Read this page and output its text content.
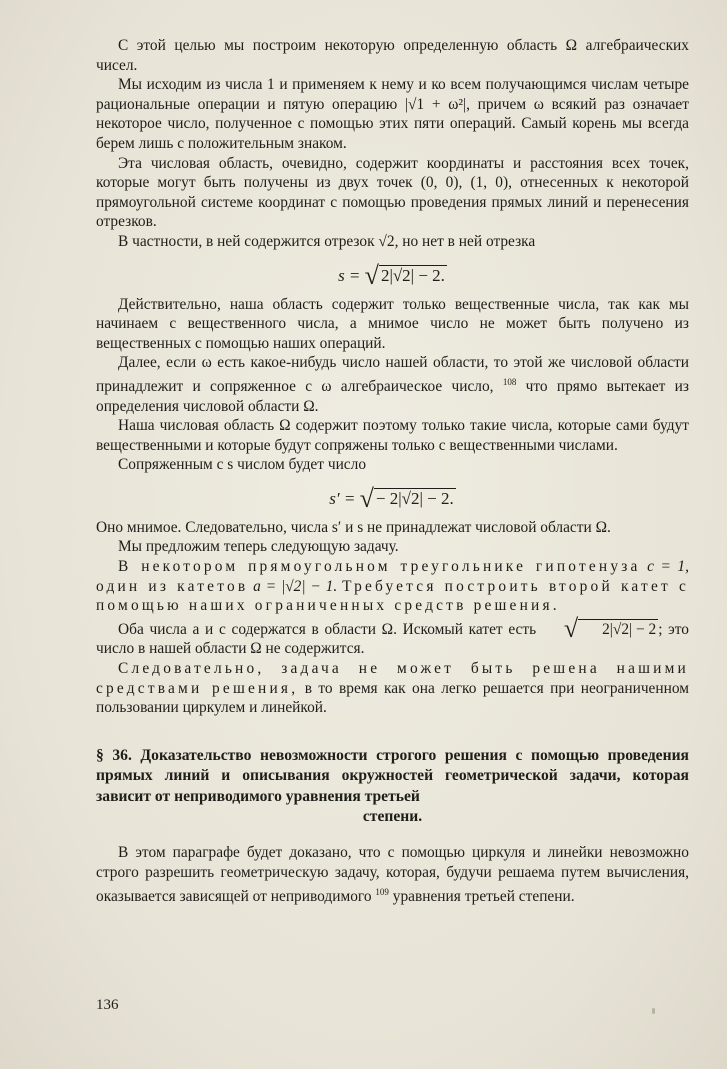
С этой целью мы построим некоторую определенную область Ω алгебраических чисел.

Мы исходим из числа 1 и применяем к нему и ко всем получающимся числам четыре рациональные операции и пятую операцию |√1 + ω²|, причем ω всякий раз означает некоторое число, полученное с помощью этих пяти операций. Самый корень мы всегда берем лишь с положительным знаком.

Эта числовая область, очевидно, содержит координаты и расстояния всех точек, которые могут быть получены из двух точек (0, 0), (1, 0), отнесенных к некоторой прямоугольной системе координат с помощью проведения прямых линий и перенесения отрезков.

В частности, в ней содержится отрезок √2, но нет в ней отрезка

s = √ 2|√2| − 2.

Действительно, наша область содержит только вещественные числа, так как мы начинаем с вещественного числа, а мнимое число не может быть получено из вещественных с помощью наших операций.

Далее, если ω есть какое-нибудь число нашей области, то этой же числовой области принадлежит и сопряженное с ω алгебраическое число, $^{108}$ что прямо вытекает из определения числовой области Ω.

Наша числовая область Ω содержит поэтому только такие числа, которые сами будут вещественными и которые будут сопряжены только с вещественными числами.

Сопряженным с s числом будет число

s′ = √ − 2|√2| − 2.

Оно мнимое. Следовательно, числа s′ и s не принадлежат числовой области Ω.

Мы предложим теперь следующую задачу.

В некотором прямоугольном треугольнике гипотенуза c = 1, один из катетов a = |√2| − 1. Требуется построить второй катет с помощью наших ограниченных средств решения.

Оба числа a и c содержатся в области Ω. Искомый катет есть √ 2|√2| − 2 ; это число в нашей области Ω не содержится.

Следовательно, задача не может быть решена нашими средствами решения, в то время как она легко решается при неограниченном пользовании циркулем и линейкой.

§ 36. Доказательство невозможности строгого решения с помощью проведения прямых линий и описывания окружностей геометрической задачи, которая зависит от неприводимого уравнения третьей
степени.

В этом параграфе будет доказано, что с помощью циркуля и линейки невозможно строго разрешить геометрическую задачу, которая, будучи решаема путем вычисления, оказывается зависящей от неприводимого $^{109}$ уравнения третьей степени.

136
